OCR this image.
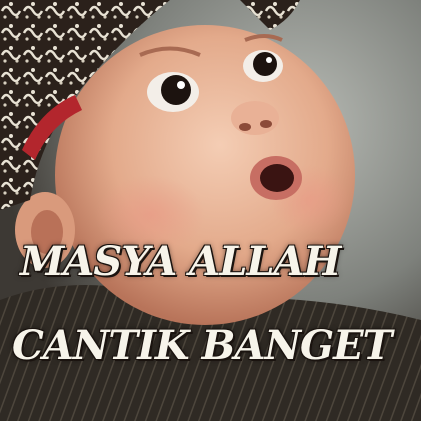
MASYA ALLAH
CANTIK BANGET
